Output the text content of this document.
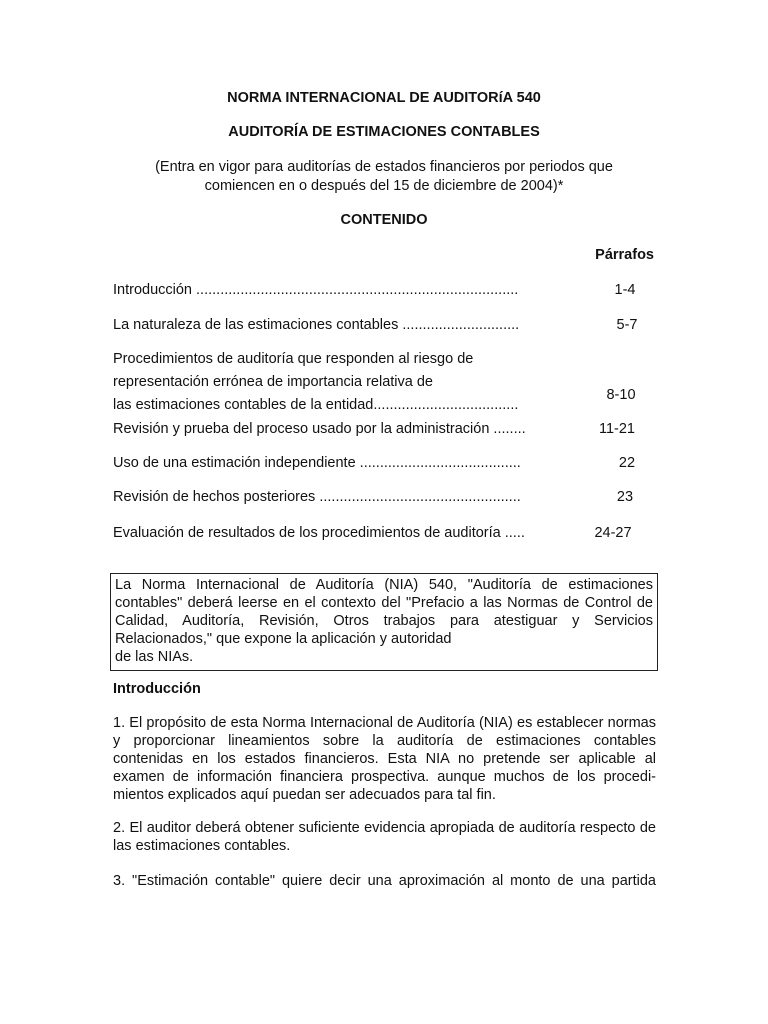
NORMA INTERNACIONAL DE AUDITORíA 540
AUDITORÍA DE ESTIMACIONES CONTABLES
(Entra en vigor para auditorías de estados financieros por periodos que
comiencen en o después del 15 de diciembre de 2004)*
CONTENIDO
Párrafos
Introducción ................................................................................	1-4
La naturaleza de las estimaciones contables .............................	5-7
Procedimientos de auditoría que responden al riesgo de
representación errónea de importancia relativa de
las estimaciones contables de la entidad....................................
8-10
Revisión y prueba del proceso usado por la administración ........	11-21
Uso de una estimación independiente ........................................	22
Revisión de hechos posteriores ..................................................	23
Evaluación de resultados de los procedimientos de auditoría .....	24-27
La Norma Internacional de Auditoría (NIA) 540, "Auditoría de estimaciones contables" deberá leerse en el contexto del "Prefacio a las Normas de Control de Calidad, Auditoría, Revisión, Otros trabajos para atestiguar y Servicios Relacionados," que expone la aplicación y autoridad
de las NIAs.
Introducción
1. El propósito de esta Norma Internacional de Auditoría (NIA) es establecer normas y proporcionar lineamientos sobre la auditoría de estimaciones contables contenidas en los estados financieros. Esta NIA no pretende ser aplicable al examen de información financiera prospectiva. aunque muchos de los procedi-mientos explicados aquí puedan ser adecuados para tal fin.
2. El auditor deberá obtener suficiente evidencia apropiada de auditoría respecto de las estimaciones contables.
3. "Estimación contable" quiere decir una aproximación al monto de una partida
